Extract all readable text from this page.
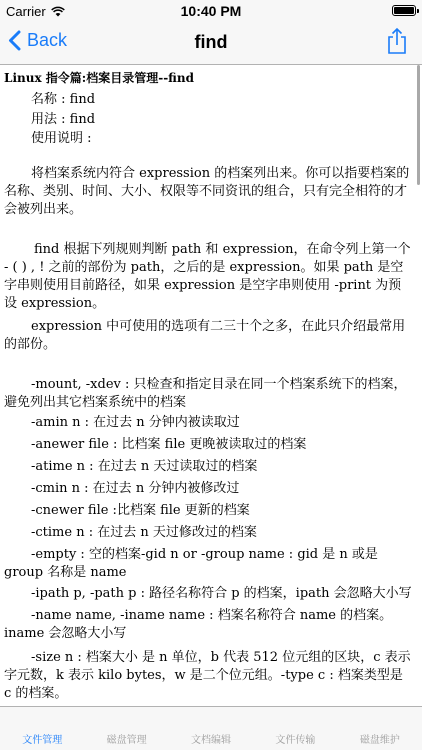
Carrier	10:40 PM
Back	find
Linux 指令篇:档案目录管理--find
名称 : find
用法 : find
使用说明 :
将档案系统内符合 expression 的档案列出来。你可以指要档案的名称、类别、时间、大小、权限等不同资讯的组合，只有完全相符的才会被列出来。
find 根据下列规则判断 path 和 expression，在命令列上第一个 - ( ) , ! 之前的部份为 path，之后的是 expression。如果 path 是空字串则使用目前路径，如果 expression 是空字串则使用 -print 为预设 expression。
expression 中可使用的选项有二三十个之多，在此只介绍最常用的部份。
-mount, -xdev : 只检查和指定目录在同一个档案系统下的档案，避免列出其它档案系统中的档案
-amin n : 在过去 n 分钟内被读取过
-anewer file : 比档案 file 更晚被读取过的档案
-atime n : 在过去 n 天过读取过的档案
-cmin n : 在过去 n 分钟内被修改过
-cnewer file :比档案 file 更新的档案
-ctime n : 在过去 n 天过修改过的档案
-empty : 空的档案-gid n or -group name : gid 是 n 或是 group 名称是 name
-ipath p, -path p : 路径名称符合 p 的档案，ipath 会忽略大小写
-name name, -iname name : 档案名称符合 name 的档案。iname 会忽略大小写
-size n : 档案大小 是 n 单位，b 代表 512 位元组的区块，c 表示字元数，k 表示 kilo bytes，w 是二个位元组。-type c : 档案类型是 c 的档案。
文件管理	磁盘管理	文档编辑	文件传输	磁盘维护
